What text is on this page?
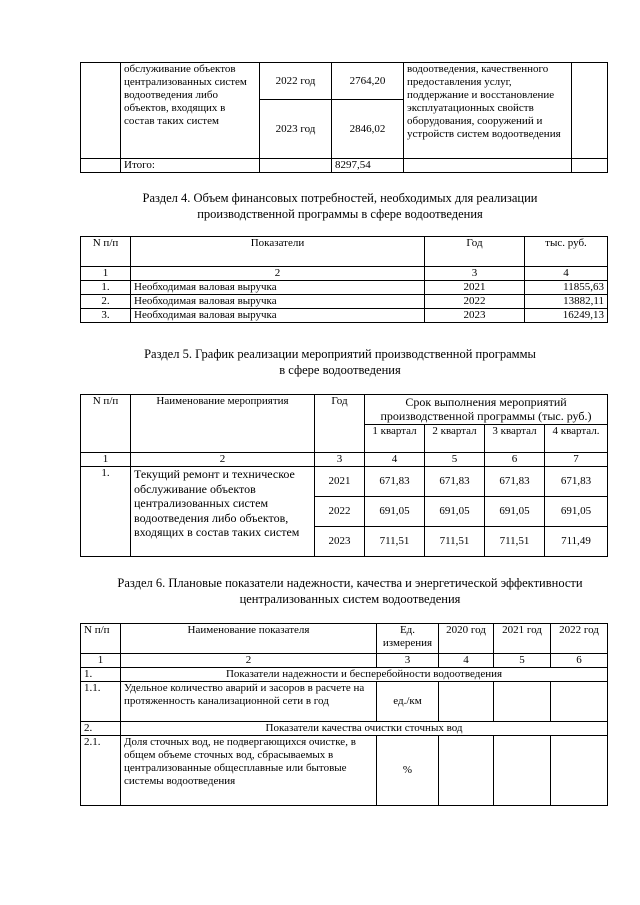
	обслуживание объектов централизованных систем водоотведения либо объектов, входящих в состав таких систем	2022 год	2764,20	водоотведения, качественного предоставления услуг, поддержание и восстановление эксплуатационных свойств оборудования, сооружений и устройств систем водоотведения	
		2023 год	2846,02		
	Итого:		8297,54		
Раздел 4. Объем финансовых потребностей, необходимых для реализации
производственной программы в сфере водоотведения
N п/п	Показатели	Год	тыс. руб.
1	2	3	4
1.	Необходимая валовая выручка	2021	11855,63
2.	Необходимая валовая выручка	2022	13882,11
3.	Необходимая валовая выручка	2023	16249,13
Раздел 5. График реализации мероприятий производственной программы
в сфере водоотведения
N п/п	Наименование мероприятия	Год	Срок выполнения мероприятий производственной программы (тыс. руб.)			
			1 квартал	2 квартал	3 квартал	4 квартал.
1	2	3	4	5	6	7
1.	Текущий ремонт и техническое обслуживание объектов централизованных систем водоотведения либо объектов, входящих в состав таких систем	2021	671,83	671,83	671,83	671,83
		2022	691,05	691,05	691,05	691,05
		2023	711,51	711,51	711,51	711,49
Раздел 6. Плановые показатели надежности, качества и энергетической эффективности
централизованных систем водоотведения
N п/п	Наименование показателя	Ед. измерения	2020 год	2021 год	2022 год
1	2	3	4	5	6
1.	Показатели надежности и бесперебойности водоотведения				
1.1.	Удельное количество аварий и засоров в расчете на протяженность канализационной сети в год	ед./км			
2.	Показатели качества очистки сточных вод				
2.1.	Доля сточных вод, не подвергающихся очистке, в общем объеме сточных вод, сбрасываемых в централизованные общесплавные или бытовые системы водоотведения	%			
